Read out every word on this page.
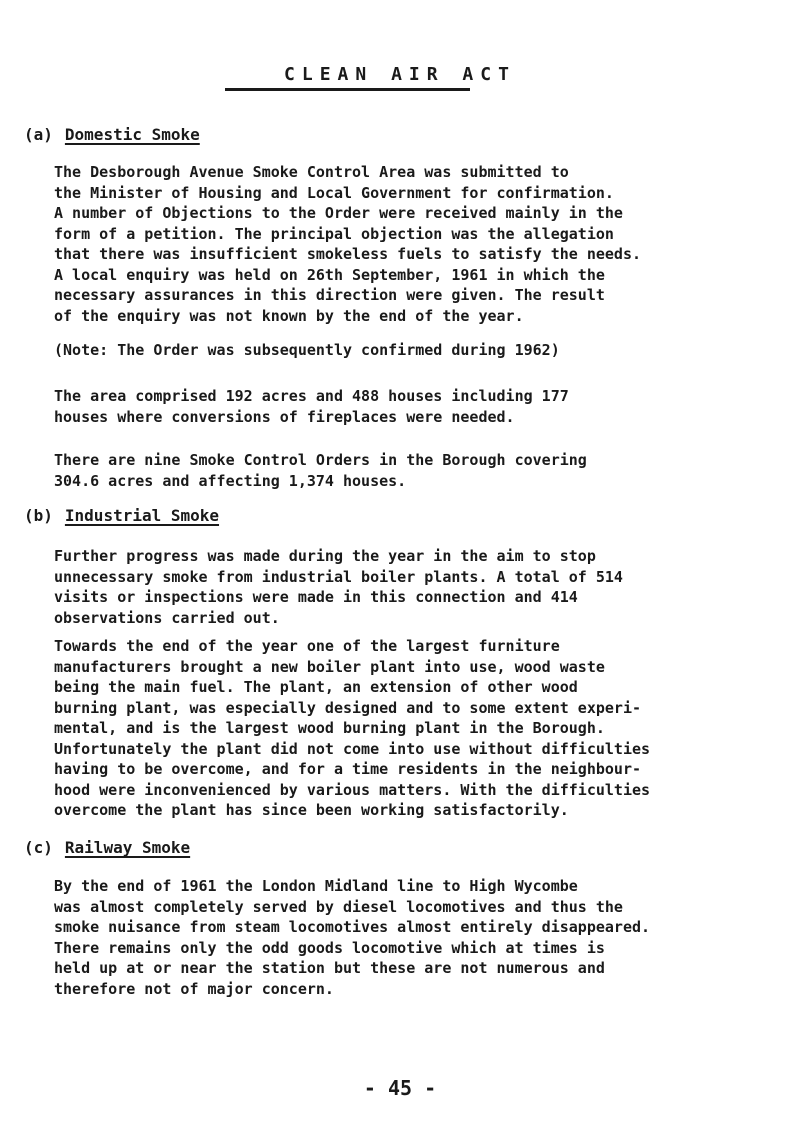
CLEAN AIR ACT
(a) Domestic Smoke

The Desborough Avenue Smoke Control Area was submitted to
the Minister of Housing and Local Government for confirmation.
A number of Objections to the Order were received mainly in the
form of a petition. The principal objection was the allegation
that there was insufficient smokeless fuels to satisfy the needs.
A local enquiry was held on 26th September, 1961 in which the
necessary assurances in this direction were given. The result
of the enquiry was not known by the end of the year.

(Note: The Order was subsequently confirmed during 1962)

The area comprised 192 acres and 488 houses including 177
houses where conversions of fireplaces were needed.

There are nine Smoke Control Orders in the Borough covering
304.6 acres and affecting 1,374 houses.

(b) Industrial Smoke

Further progress was made during the year in the aim to stop
unnecessary smoke from industrial boiler plants. A total of 514
visits or inspections were made in this connection and 414
observations carried out.

Towards the end of the year one of the largest furniture
manufacturers brought a new boiler plant into use, wood waste
being the main fuel. The plant, an extension of other wood
burning plant, was especially designed and to some extent experi-
mental, and is the largest wood burning plant in the Borough.
Unfortunately the plant did not come into use without difficulties
having to be overcome, and for a time residents in the neighbour-
hood were inconvenienced by various matters. With the difficulties
overcome the plant has since been working satisfactorily.

(c) Railway Smoke

By the end of 1961 the London Midland line to High Wycombe
was almost completely served by diesel locomotives and thus the
smoke nuisance from steam locomotives almost entirely disappeared.
There remains only the odd goods locomotive which at times is
held up at or near the station but these are not numerous and
therefore not of major concern.

- 45 -
